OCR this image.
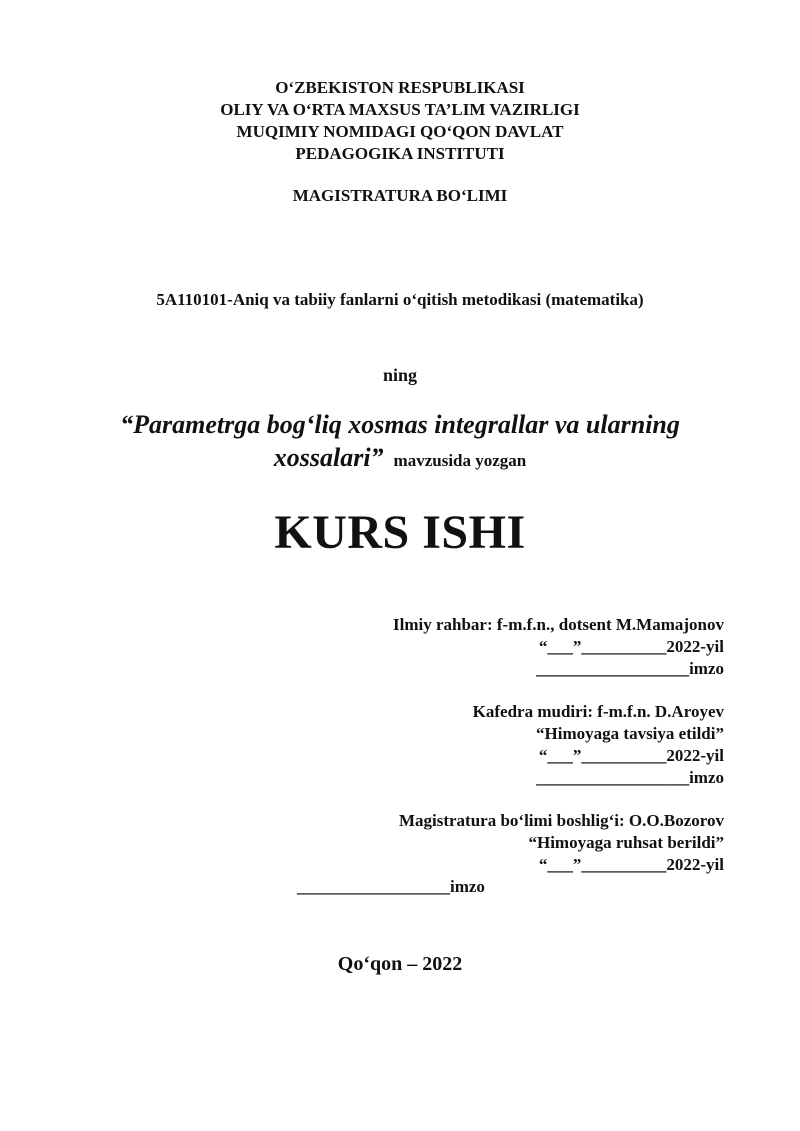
O‘ZBEKISTON RESPUBLIKASI
OLIY VA O‘RTA MAXSUS TA’LIM VAZIRLIGI
MUQIMIY NOMIDAGI QO‘QON DAVLAT
PEDAGOGIKA INSTITUTI
MAGISTRATURA BO‘LIMI
5A110101-Aniq va tabiiy fanlarni o‘qitish metodikasi (matematika)
ning
“Parametrga bog‘liq xosmas integrallar va ularning
xossalari” mavzusida yozgan
KURS ISHI
Ilmiy rahbar: f-m.f.n., dotsent M.Mamajonov
“___”__________2022-yil
__________________imzo
Kafedra mudiri: f-m.f.n. D.Aroyev
“Himoyaga tavsiya etildi”
“___”__________2022-yil
__________________imzo
Magistratura bo‘limi boshlig‘i: O.O.Bozorov
“Himoyaga ruhsat berildi”
“___”__________2022-yil
__________________imzo
Qo‘qon – 2022
